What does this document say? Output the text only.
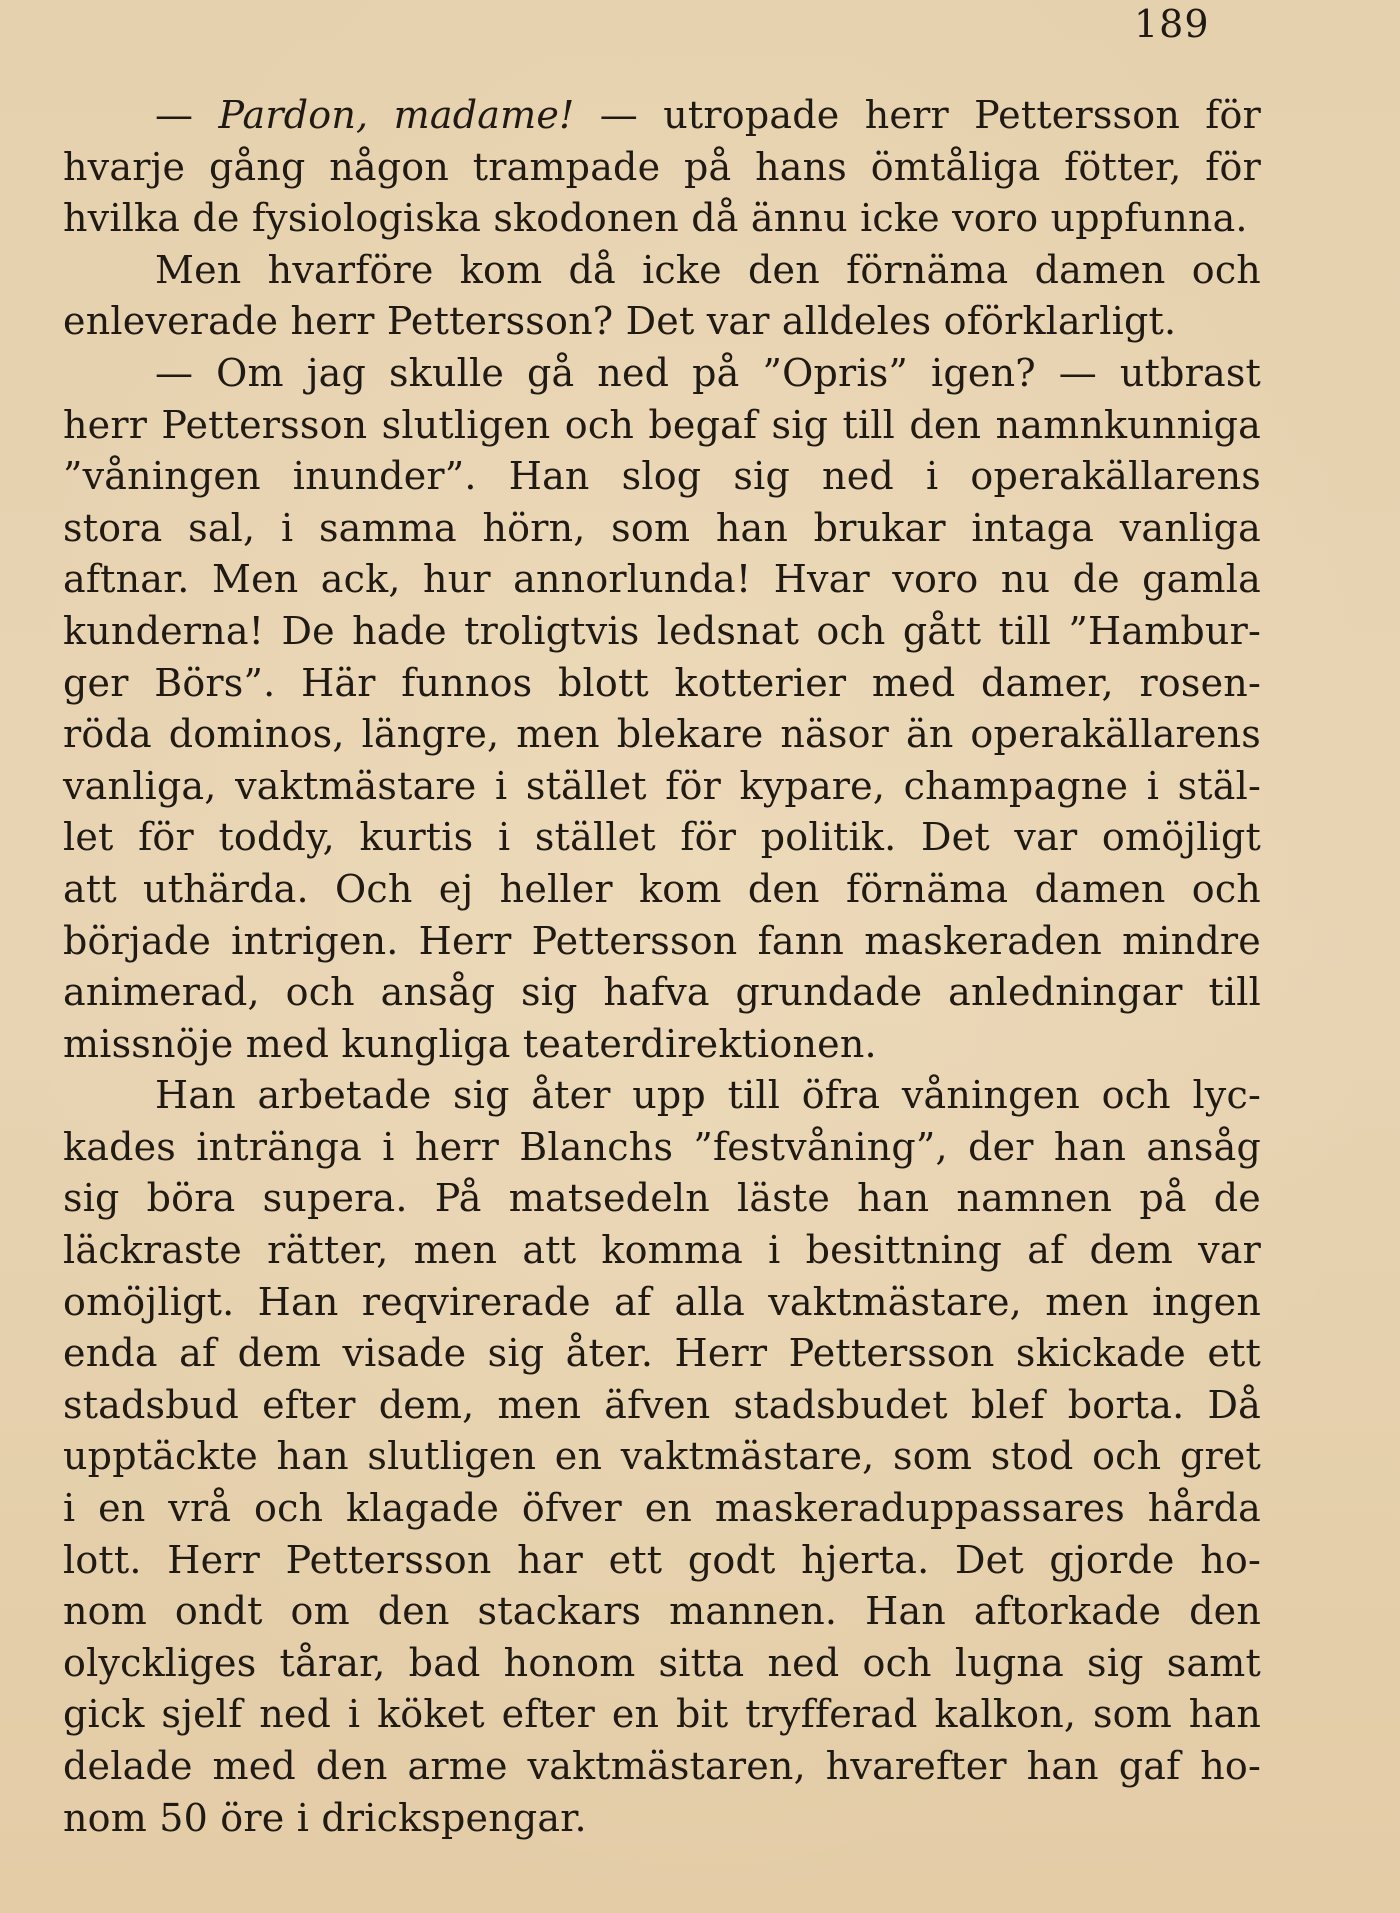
189
— Pardon, madame! — utropade herr Pettersson för
hvarje gång någon trampade på hans ömtåliga fötter, för
hvilka de fysiologiska skodonen då ännu icke voro uppfunna.
Men hvarföre kom då icke den förnäma damen och
enleverade herr Pettersson? Det var alldeles oförklarligt.
— Om jag skulle gå ned på ”Opris” igen? — utbrast
herr Pettersson slutligen och begaf sig till den namnkunniga
”våningen inunder”. Han slog sig ned i operakällarens
stora sal, i samma hörn, som han brukar intaga vanliga
aftnar. Men ack, hur annorlunda! Hvar voro nu de gamla
kunderna! De hade troligtvis ledsnat och gått till ”Hambur-
ger Börs”. Här funnos blott kotterier med damer, rosen-
röda dominos, längre, men blekare näsor än operakällarens
vanliga, vaktmästare i stället för kypare, champagne i stäl-
let för toddy, kurtis i stället för politik. Det var omöjligt
att uthärda. Och ej heller kom den förnäma damen och
började intrigen. Herr Pettersson fann maskeraden mindre
animerad, och ansåg sig hafva grundade anledningar till
missnöje med kungliga teaterdirektionen.
Han arbetade sig åter upp till öfra våningen och lyc-
kades inträngа i herr Blanchs ”festvåning”, der han ansåg
sig böra supera. På matsedeln läste han namnen på de
läckraste rätter, men att komma i besittning af dem var
omöjligt. Han reqvirerade af alla vaktmästare, men ingen
enda af dem visade sig åter. Herr Pettersson skickade ett
stadsbud efter dem, men äfven stadsbudet blef borta. Då
upptäckte han slutligen en vaktmästare, som stod och gret
i en vrå och klagade öfver en maskeraduppassares hårda
lott. Herr Pettersson har ett godt hjerta. Det gjorde ho-
nom ondt om den stackars mannen. Han aftorkade den
olyckliges tårar, bad honom sitta ned och lugna sig samt
gick sjelf ned i köket efter en bit tryfferad kalkon, som han
delade med den arme vaktmästaren, hvarefter han gaf ho-
nom 50 öre i drickspengar.
